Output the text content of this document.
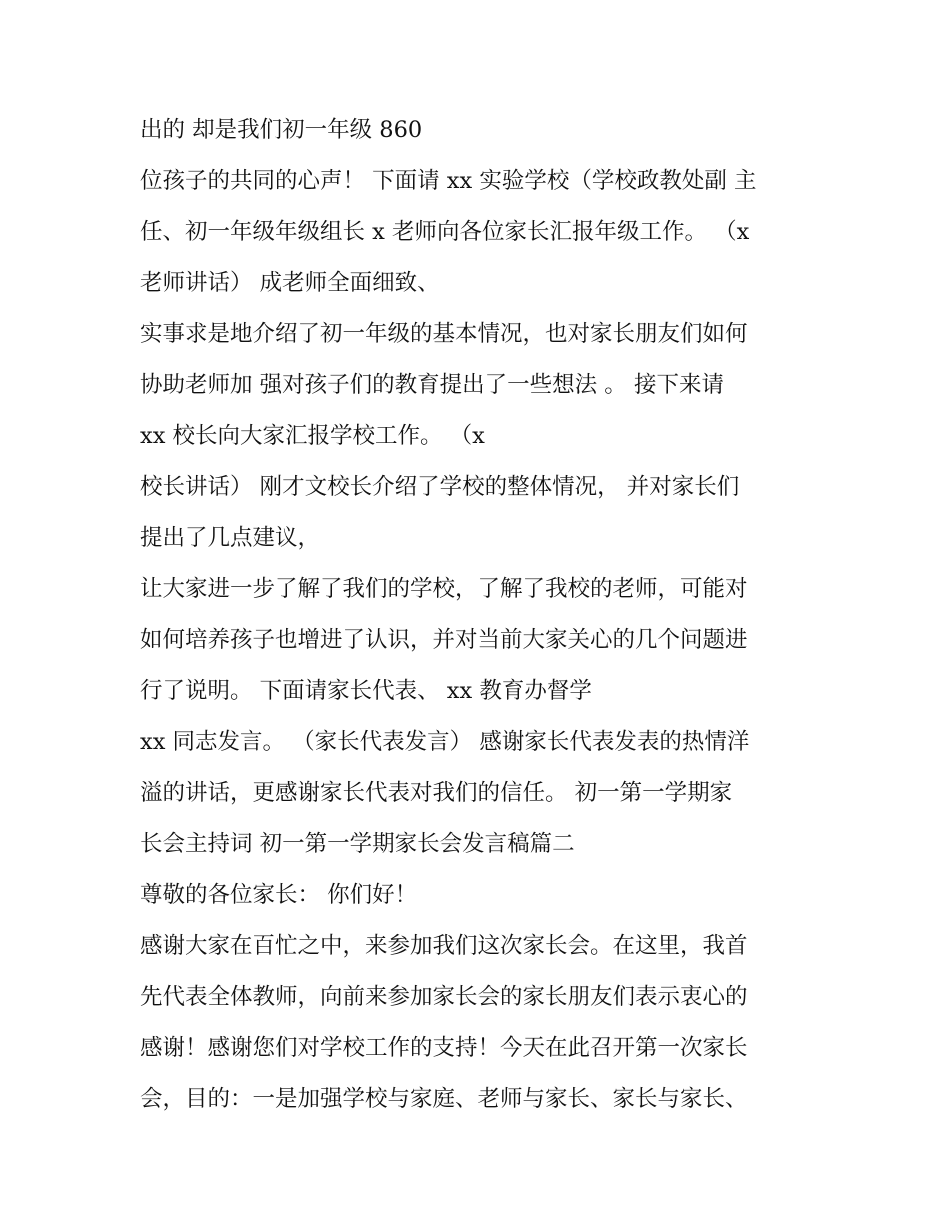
出的 却是我们初一年级 860
位孩子的共同的心声！ 下面请 xx 实验学校（学校政教处副 主
任、初一年级年级组长 x 老师向各位家长汇报年级工作。 （x
老师讲话） 成老师全面细致、
实事求是地介绍了初一年级的基本情况，也对家长朋友们如何
协助老师加 强对孩子们的教育提出了一些想法 。 接下来请
xx 校长向大家汇报学校工作。 （x
校长讲话） 刚才文校长介绍了学校的整体情况， 并对家长们
提出了几点建议，
让大家进一步了解了我们的学校，了解了我校的老师，可能对
如何培养孩子也增进了认识，并对当前大家关心的几个问题进
行了说明。 下面请家长代表、 xx 教育办督学
xx 同志发言。 （家长代表发言） 感谢家长代表发表的热情洋
溢的讲话，更感谢家长代表对我们的信任。 初一第一学期家
长会主持词 初一第一学期家长会发言稿篇二
尊敬的各位家长： 你们好！
感谢大家在百忙之中，来参加我们这次家长会。在这里，我首
先代表全体教师，向前来参加家长会的家长朋友们表示衷心的
感谢！感谢您们对学校工作的支持！今天在此召开第一次家长
会，目的：一是加强学校与家庭、老师与家长、家长与家长、
